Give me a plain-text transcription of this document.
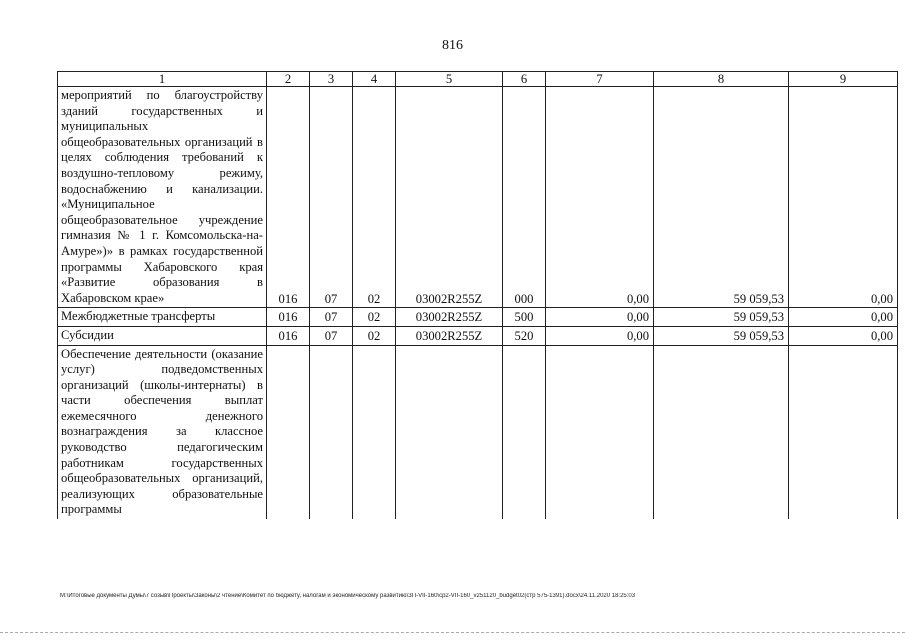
816
1	2	3	4	5	6	7	8	9
мероприятий по благоустройству зданий государственных и муниципальных общеобразовательных организаций в целях соблюдения требований к воздушно-тепловому режиму, водоснабжению и канализации. «Муниципальное общеобразовательное учреждение гимназия № 1 г. Комсомольска-на-Амуре»)» в рамках государственной программы Хабаровского края «Развитие образования в Хабаровском крае»	016	07	02	03002R255Z	000	0,00	59 059,53	0,00
Межбюджетные трансферты	016	07	02	03002R255Z	500	0,00	59 059,53	0,00
Субсидии	016	07	02	03002R255Z	520	0,00	59 059,53	0,00
Обеспечение деятельности (оказание услуг) подведомственных организаций (школы-интернаты) в части обеспечения выплат ежемесячного денежного вознаграждения за классное руководство педагогическим работникам государственных общеобразовательных организаций, реализующих образовательные программы								
M:\Итоговые документы Думы\7 созыв\Проекты\Законы\2 чтение\Комитет по бюджету, налогам и экономическому развитию\ЗП-VII-160\ср2-VII-160_v251120_budget02(стр 575-1391).docx\24.11.2020 18:25:03
